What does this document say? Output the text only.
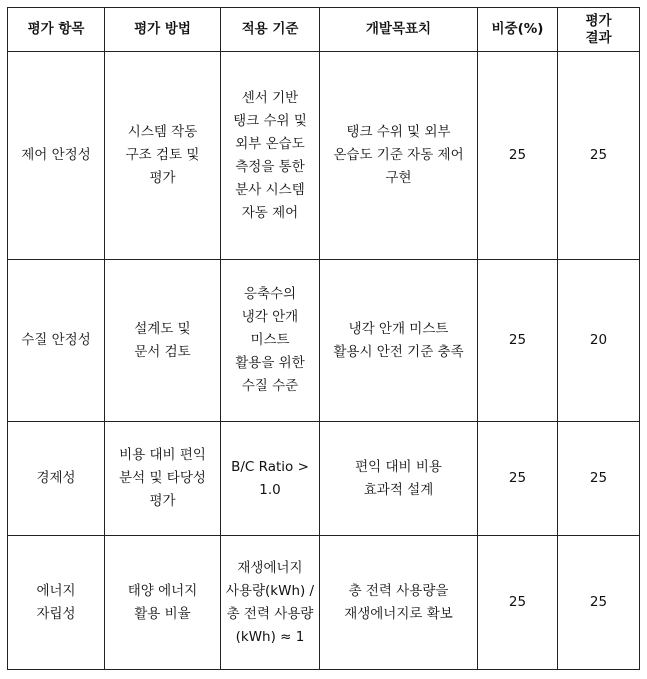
평가 항목	평가 방법	적용 기준	개발목표치	비중(%)	평가 결과
제어 안정성	시스템 작동 구조 검토 및 평가	센서 기반 탱크 수위 및 외부 온습도 측정을 통한 분사 시스템 자동 제어	탱크 수위 및 외부 온습도 기준 자동 제어 구현	25	25
수질 안정성	설계도 및 문서 검토	응축수의 냉각 안개 미스트 활용을 위한 수질 수준	냉각 안개 미스트 활용시 안전 기준 충족	25	20
경제성	비용 대비 편익 분석 및 타당성 평가	B/C Ratio > 1.0	편익 대비 비용 효과적 설계	25	25
에너지 자립성	태양 에너지 활용 비율	재생에너지 사용량(kWh) /총 전력 사용량(kWh) ≈ 1	총 전력 사용량을 재생에너지로 확보	25	25
